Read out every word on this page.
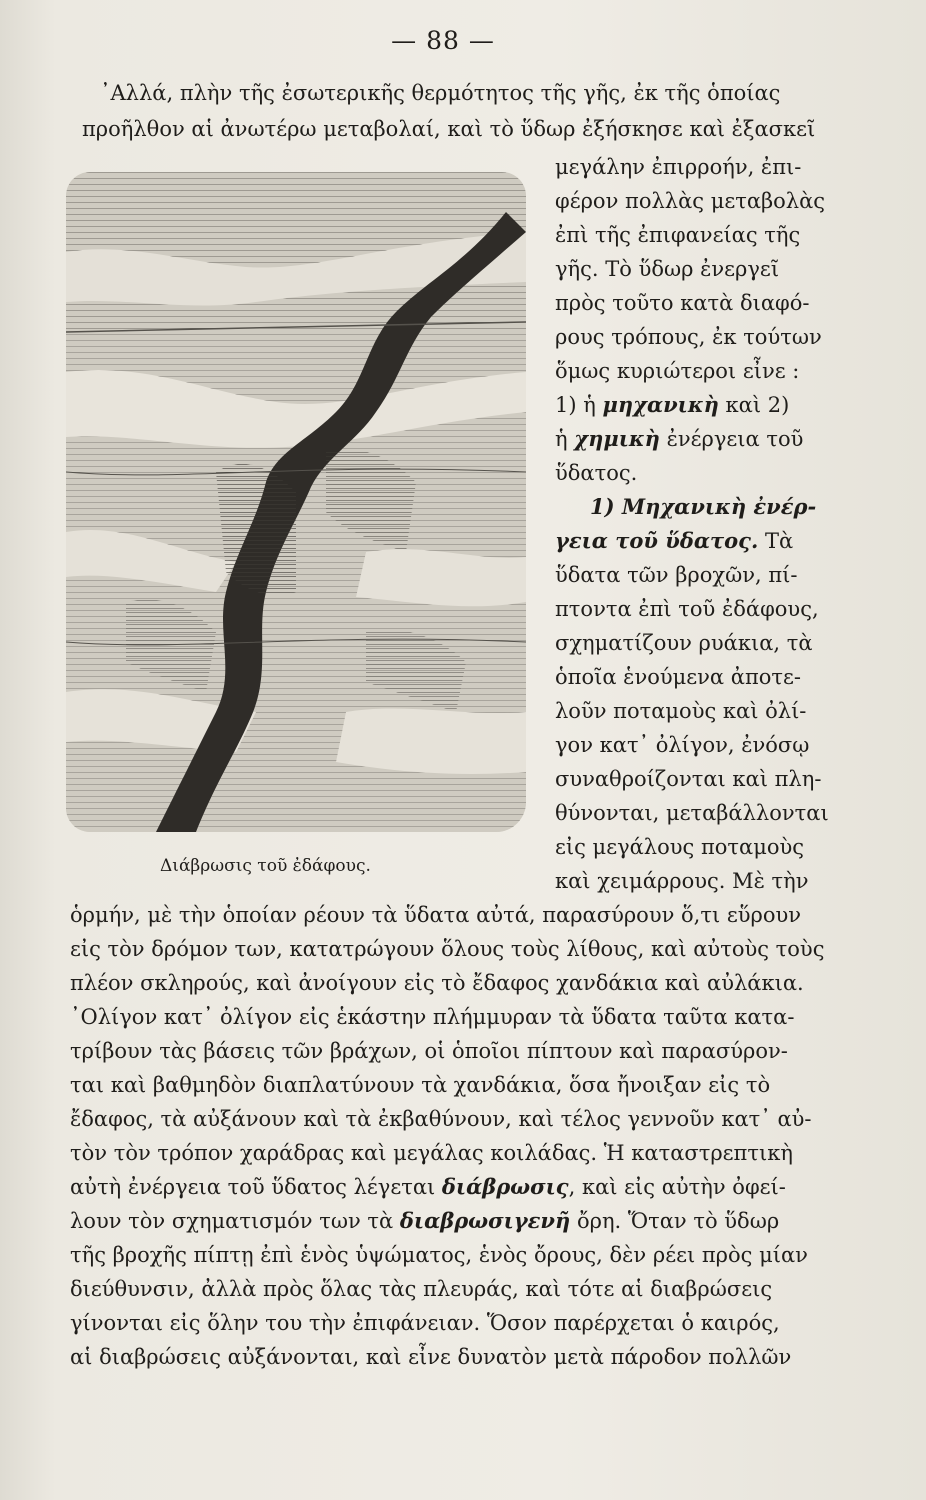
— 88 —
᾿Αλλά, πλὴν τῆς ἐσωτερικῆς θερμότητος τῆς γῆς, ἐκ τῆς ὁποίας
προῆλθον αἱ ἀνωτέρω μεταβολαί, καὶ τὸ ὕδωρ ἐξήσκησε καὶ ἐξασκεῖ
Διάβρωσις τοῦ ἐδάφους.
μεγάλην ἐπιρροήν, ἐπι-
φέρον πολλὰς μεταβολὰς
ἐπὶ τῆς ἐπιφανείας τῆς
γῆς. Τὸ ὕδωρ ἐνεργεῖ
πρὸς τοῦτο κατὰ διαφό-
ρους τρόπους, ἐκ τούτων
ὅμως κυριώτεροι εἶνε :
1) ἡ μηχανικὴ καὶ 2)
ἡ χημικὴ ἐνέργεια τοῦ
ὕδατος.
1) Μηχανικὴ ἐνέρ-
γεια τοῦ ὕδατος. Τὰ
ὕδατα τῶν βροχῶν, πί-
πτοντα ἐπὶ τοῦ ἐδάφους,
σχηματίζουν ρυάκια, τὰ
ὁποῖα ἑνούμενα ἀποτε-
λοῦν ποταμοὺς καὶ ὀλί-
γον κατ᾿ ὀλίγον, ἐνόσῳ
συναθροίζονται καὶ πλη-
θύνονται, μεταβάλλονται
εἰς μεγάλους ποταμοὺς
καὶ χειμάρρους. Μὲ τὴν
ὁρμήν, μὲ τὴν ὁποίαν ρέουν τὰ ὕδατα αὐτά, παρασύρουν ὅ,τι εὕρουν
εἰς τὸν δρόμον των, κατατρώγουν ὅλους τοὺς λίθους, καὶ αὐτοὺς τοὺς
πλέον σκληρούς, καὶ ἀνοίγουν εἰς τὸ ἔδαφος χανδάκια καὶ αὐλάκια.
᾿Ολίγον κατ᾿ ὀλίγον εἰς ἑκάστην πλήμμυραν τὰ ὕδατα ταῦτα κατα-
τρίβουν τὰς βάσεις τῶν βράχων, οἱ ὁποῖοι πίπτουν καὶ παρασύρον-
ται καὶ βαθμηδὸν διαπλατύνουν τὰ χανδάκια, ὅσα ἤνοιξαν εἰς τὸ
ἔδαφος, τὰ αὐξάνουν καὶ τὰ ἐκβαθύνουν, καὶ τέλος γεννοῦν κατ᾿ αὐ-
τὸν τὸν τρόπον χαράδρας καὶ μεγάλας κοιλάδας. Ἡ καταστρεπτικὴ
αὐτὴ ἐνέργεια τοῦ ὕδατος λέγεται διάβρωσις, καὶ εἰς αὐτὴν ὀφεί-
λουν τὸν σχηματισμόν των τὰ διαβρωσιγενῆ ὄρη. Ὅταν τὸ ὕδωρ
τῆς βροχῆς πίπτῃ ἐπὶ ἑνὸς ὑψώματος, ἑνὸς ὄρους, δὲν ρέει πρὸς μίαν
διεύθυνσιν, ἀλλὰ πρὸς ὅλας τὰς πλευράς, καὶ τότε αἱ διαβρώσεις
γίνονται εἰς ὅλην του τὴν ἐπιφάνειαν. Ὅσον παρέρχεται ὁ καιρός,
αἱ διαβρώσεις αὐξάνονται, καὶ εἶνε δυνατὸν μετὰ πάροδον πολλῶν
